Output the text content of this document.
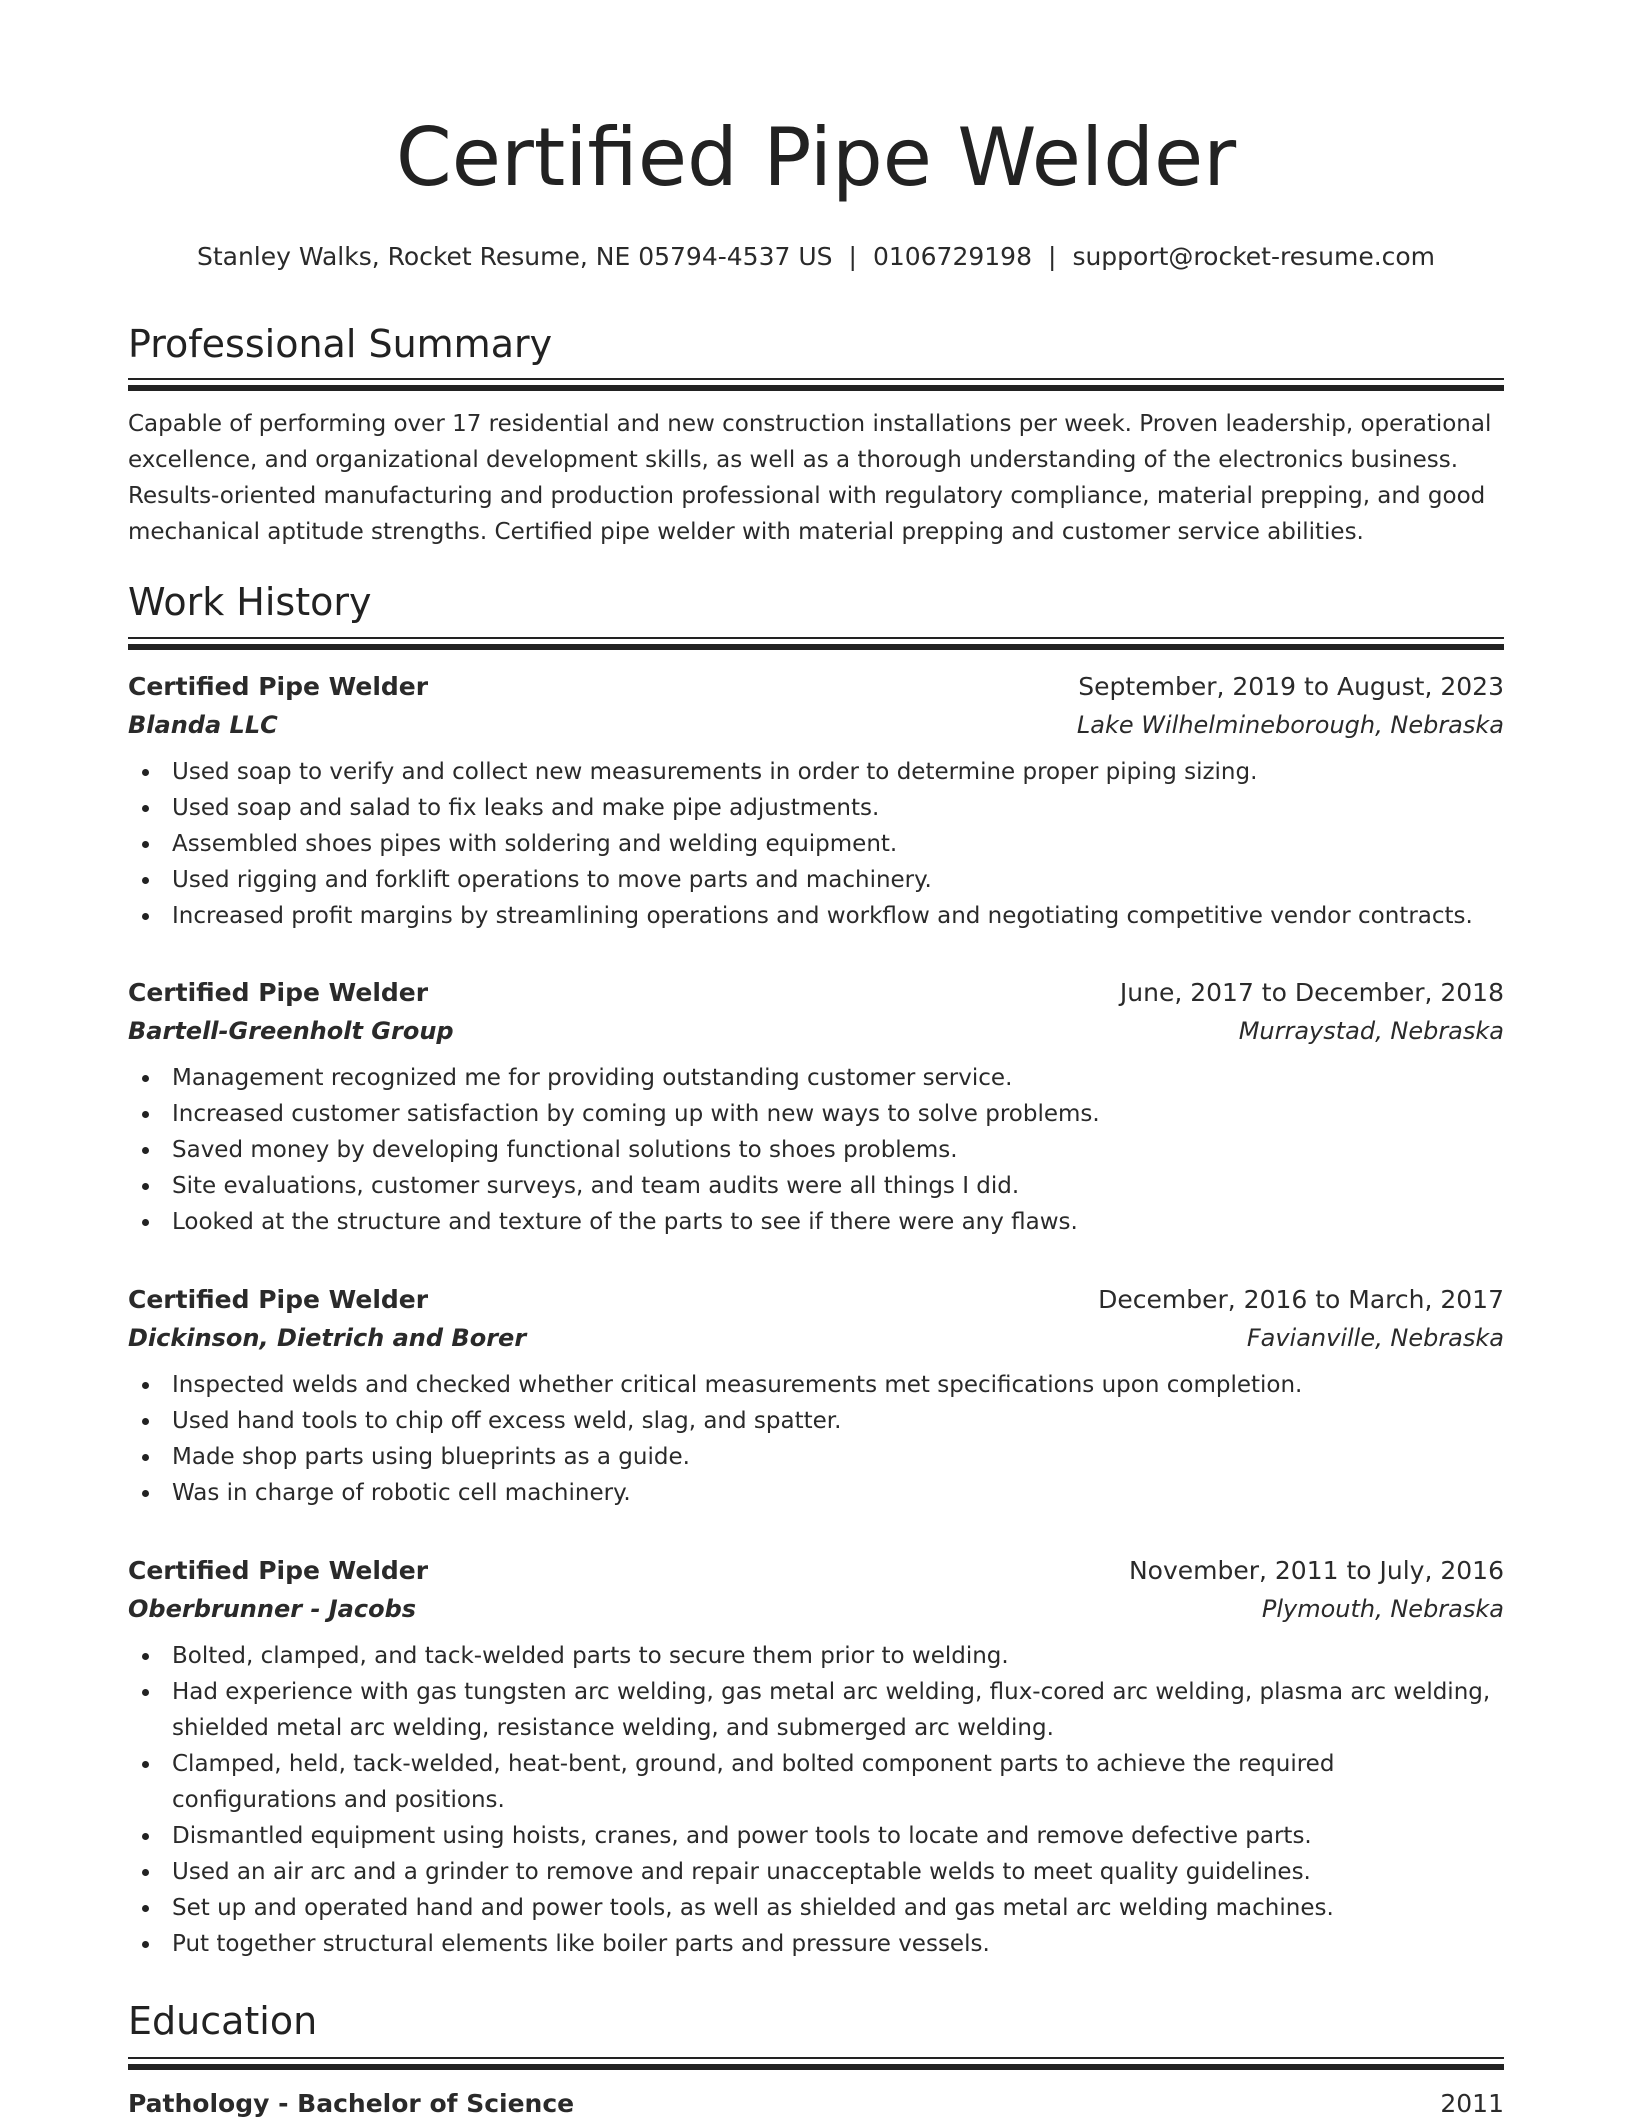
Certified Pipe Welder
Stanley Walks, Rocket Resume, NE 05794-4537 US | 0106729198 | support@rocket-resume.com
Professional Summary

Capable of performing over 17 residential and new construction installations per week. Proven leadership, operational excellence, and organizational development skills, as well as a thorough understanding of the electronics business. Results-oriented manufacturing and production professional with regulatory compliance, material prepping, and good mechanical aptitude strengths. Certified pipe welder with material prepping and customer service abilities.

Work History
Certified Pipe Welder	September, 2019 to August, 2023
Blanda LLC	Lake Wilhelmineborough, Nebraska
Used soap to verify and collect new measurements in order to determine proper piping sizing.
Used soap and salad to fix leaks and make pipe adjustments.
Assembled shoes pipes with soldering and welding equipment.
Used rigging and forklift operations to move parts and machinery.
Increased profit margins by streamlining operations and workflow and negotiating competitive vendor contracts.
Certified Pipe Welder	June, 2017 to December, 2018
Bartell-Greenholt Group	Murraystad, Nebraska
Management recognized me for providing outstanding customer service.
Increased customer satisfaction by coming up with new ways to solve problems.
Saved money by developing functional solutions to shoes problems.
Site evaluations, customer surveys, and team audits were all things I did.
Looked at the structure and texture of the parts to see if there were any flaws.
Certified Pipe Welder	December, 2016 to March, 2017
Dickinson, Dietrich and Borer	Favianville, Nebraska
Inspected welds and checked whether critical measurements met specifications upon completion.
Used hand tools to chip off excess weld, slag, and spatter.
Made shop parts using blueprints as a guide.
Was in charge of robotic cell machinery.
Certified Pipe Welder	November, 2011 to July, 2016
Oberbrunner - Jacobs	Plymouth, Nebraska
Bolted, clamped, and tack-welded parts to secure them prior to welding.
Had experience with gas tungsten arc welding, gas metal arc welding, flux-cored arc welding, plasma arc welding, shielded metal arc welding, resistance welding, and submerged arc welding.
Clamped, held, tack-welded, heat-bent, ground, and bolted component parts to achieve the required configurations and positions.
Dismantled equipment using hoists, cranes, and power tools to locate and remove defective parts.
Used an air arc and a grinder to remove and repair unacceptable welds to meet quality guidelines.
Set up and operated hand and power tools, as well as shielded and gas metal arc welding machines.
Put together structural elements like boiler parts and pressure vessels.
Education
Pathology - Bachelor of Science	2011
